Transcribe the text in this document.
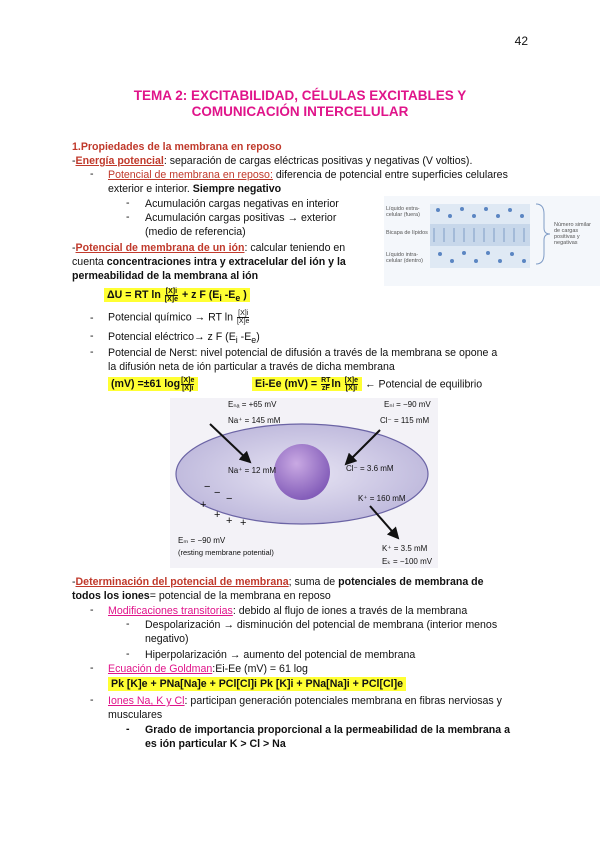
42
TEMA 2: EXCITABILIDAD, CÉLULAS EXCITABLES Y
COMUNICACIÓN INTERCELULAR
1.Propiedades de la membrana en reposo
-Energía potencial: separación de cargas eléctricas positivas y negativas (V voltios).
- Potencial de membrana en reposo: diferencia de potencial entre superficies celulares
exterior e interior. Siempre negativo
- Acumulación cargas negativas en interior
- Acumulación cargas positivas → exterior
(medio de referencia)
Líquido extra-celular (fuera)
Bicapa de lípidos
Líquido intra-celular (dentro)
Número similar de cargas positivas y negativas
-Potencial de membrana de un ión: calcular teniendo en
cuenta concentraciones intra y extracelular del ión y la
permeabilidad de la membrana al ión
ΔU = RT $\ln \frac{[X]i}{[X]e} + z$ F ($E_i$ $-E_e$ )
- Potencial químico → RT $\ln \frac{[X]i}{[X]e}$
- Potencial eléctrico→ z F ($E_i$ $-E_e$)
- Potencial de Nerst: nivel potencial de difusión a través de la membrana se opone a
la difusión neta de ión particular a través de dicha membrana
(mV) =±61 $\log \frac{[X]e}{[X]i}$	Ei-Ee $(mV) = \frac{RT}{zF}$ $\ln \frac{[X]e}{[X]i}$ ← Potencial de equilibrio
− − −
+
+ + +
Eₙₐ = +65 mV
Na⁺ = 145 mM
Na⁺ = 12 mM
Eₙₗ = −90 mV
Cl⁻ = 115 mM
Cl⁻ = 3.6 mM
K⁺ = 160 mM
K⁺ = 3.5 mM
Eₖ = −100 mV
Eₘ = −90 mV
(resting membrane potential)
-Determinación del potencial de membrana; suma de potenciales de membrana de
todos los iones= potencial de la membrana en reposo
- Modificaciones transitorias: debido al flujo de iones a través de la membrana
- Despolarización → disminución del potencial de membrana (interior menos
negativo)
- Hiperpolarización → aumento del potencial de membrana
- Ecuación de Goldman:Ei-Ee (mV) = 61 log
Pk [K]e + PNa[Na]e + PCl[Cl]i Pk [K]i + PNa[Na]i + PCl[Cl]e
- Iones Na, K y Cl: participan generación potenciales membrana en fibras nerviosas y
musculares
- Grado de importancia proporcional a la permeabilidad de la membrana a
es ión particular K > Cl > Na
